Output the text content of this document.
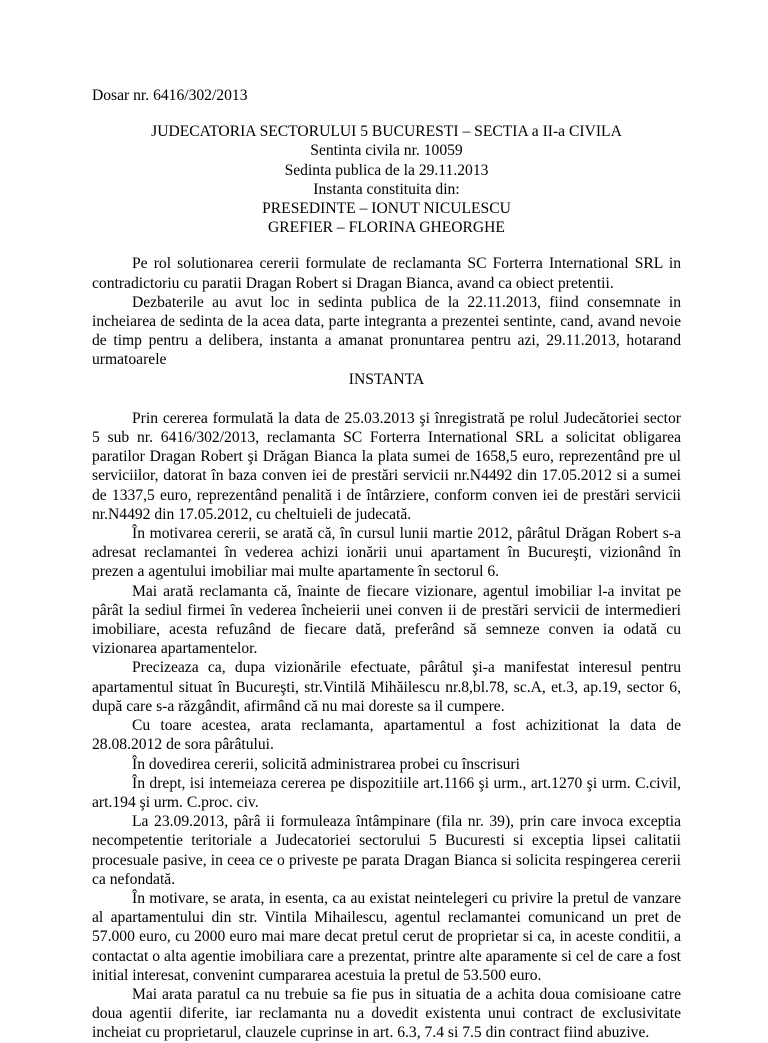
Dosar nr. 6416/302/2013
JUDECATORIA SECTORULUI 5 BUCURESTI – SECTIA a II-a CIVILA
Sentinta civila nr. 10059
Sedinta publica de la 29.11.2013
Instanta constituita din:
PRESEDINTE – IONUT NICULESCU
GREFIER – FLORINA GHEORGHE

Pe rol solutionarea cererii formulate de reclamanta SC Forterra International SRL in contradictoriu cu paratii Dragan Robert si Dragan Bianca, avand ca obiect pretentii.

Dezbaterile au avut loc in sedinta publica de la 22.11.2013, fiind consemnate in incheiarea de sedinta de la acea data, parte integranta a prezentei sentinte, cand, avand nevoie de timp pentru a delibera, instanta a amanat pronuntarea pentru azi, 29.11.2013, hotarand urmatoarele

INSTANTA

Prin cererea formulată la data de 25.03.2013 şi înregistrată pe rolul Judecătoriei sector 5 sub nr. 6416/302/2013, reclamanta SC Forterra International SRL a solicitat obligarea paratilor Dragan Robert şi Drăgan Bianca la plata sumei de 1658,5 euro, reprezentând pre ul serviciilor, datorat în baza conven iei de prestări servicii nr.N4492 din 17.05.2012 si a sumei de 1337,5 euro, reprezentând penalită i de întârziere, conform conven iei de prestări servicii nr.N4492 din 17.05.2012, cu cheltuieli de judecată.

În motivarea cererii, se arată că, în cursul lunii martie 2012, pârâtul Drăgan Robert s-a adresat reclamantei în vederea achizi ionării unui apartament în Bucureşti, vizionând în prezen a agentului imobiliar mai multe apartamente în sectorul 6.

Mai arată reclamanta că, înainte de fiecare vizionare, agentul imobiliar l-a invitat pe pârât la sediul firmei în vederea încheierii unei conven ii de prestări servicii de intermedieri imobiliare, acesta refuzând de fiecare dată, preferând să semneze conven ia odată cu vizionarea apartamentelor.

Precizeaza ca, dupa vizionările efectuate, pârâtul şi-a manifestat interesul pentru apartamentul situat în Bucureşti, str.Vintilă Mihăilescu nr.8,bl.78, sc.A, et.3, ap.19, sector 6, după care s-a răzgândit, afirmând că nu mai doreste sa il cumpere.

Cu toare acestea, arata reclamanta, apartamentul a fost achizitionat la data de 28.08.2012 de sora pârâtului.

În dovedirea cererii, solicită administrarea probei cu înscrisuri

În drept, isi intemeiaza cererea pe dispozitiile art.1166 şi urm., art.1270 şi urm. C.civil, art.194 şi urm. C.proc. civ.

La 23.09.2013, pârâ ii formuleaza întâmpinare (fila nr. 39), prin care invoca exceptia necompetentie teritoriale a Judecatoriei sectorului 5 Bucuresti si exceptia lipsei calitatii procesuale pasive, in ceea ce o priveste pe parata Dragan Bianca si solicita respingerea cererii ca nefondată.

În motivare, se arata, in esenta, ca au existat neintelegeri cu privire la pretul de vanzare al apartamentului din str. Vintila Mihailescu, agentul reclamantei comunicand un pret de 57.000 euro, cu 2000 euro mai mare decat pretul cerut de proprietar si ca, in aceste conditii, a contactat o alta agentie imobiliara care a prezentat, printre alte aparamente si cel de care a fost initial interesat, convenint cumpararea acestuia la pretul de 53.500 euro.

Mai arata paratul ca nu trebuie sa fie pus in situatia de a achita doua comisioane catre doua agentii diferite, iar reclamanta nu a dovedit existenta unui contract de exclusivitate incheiat cu proprietarul, clauzele cuprinse in art. 6.3, 7.4 si 7.5 din contract fiind abuzive.
